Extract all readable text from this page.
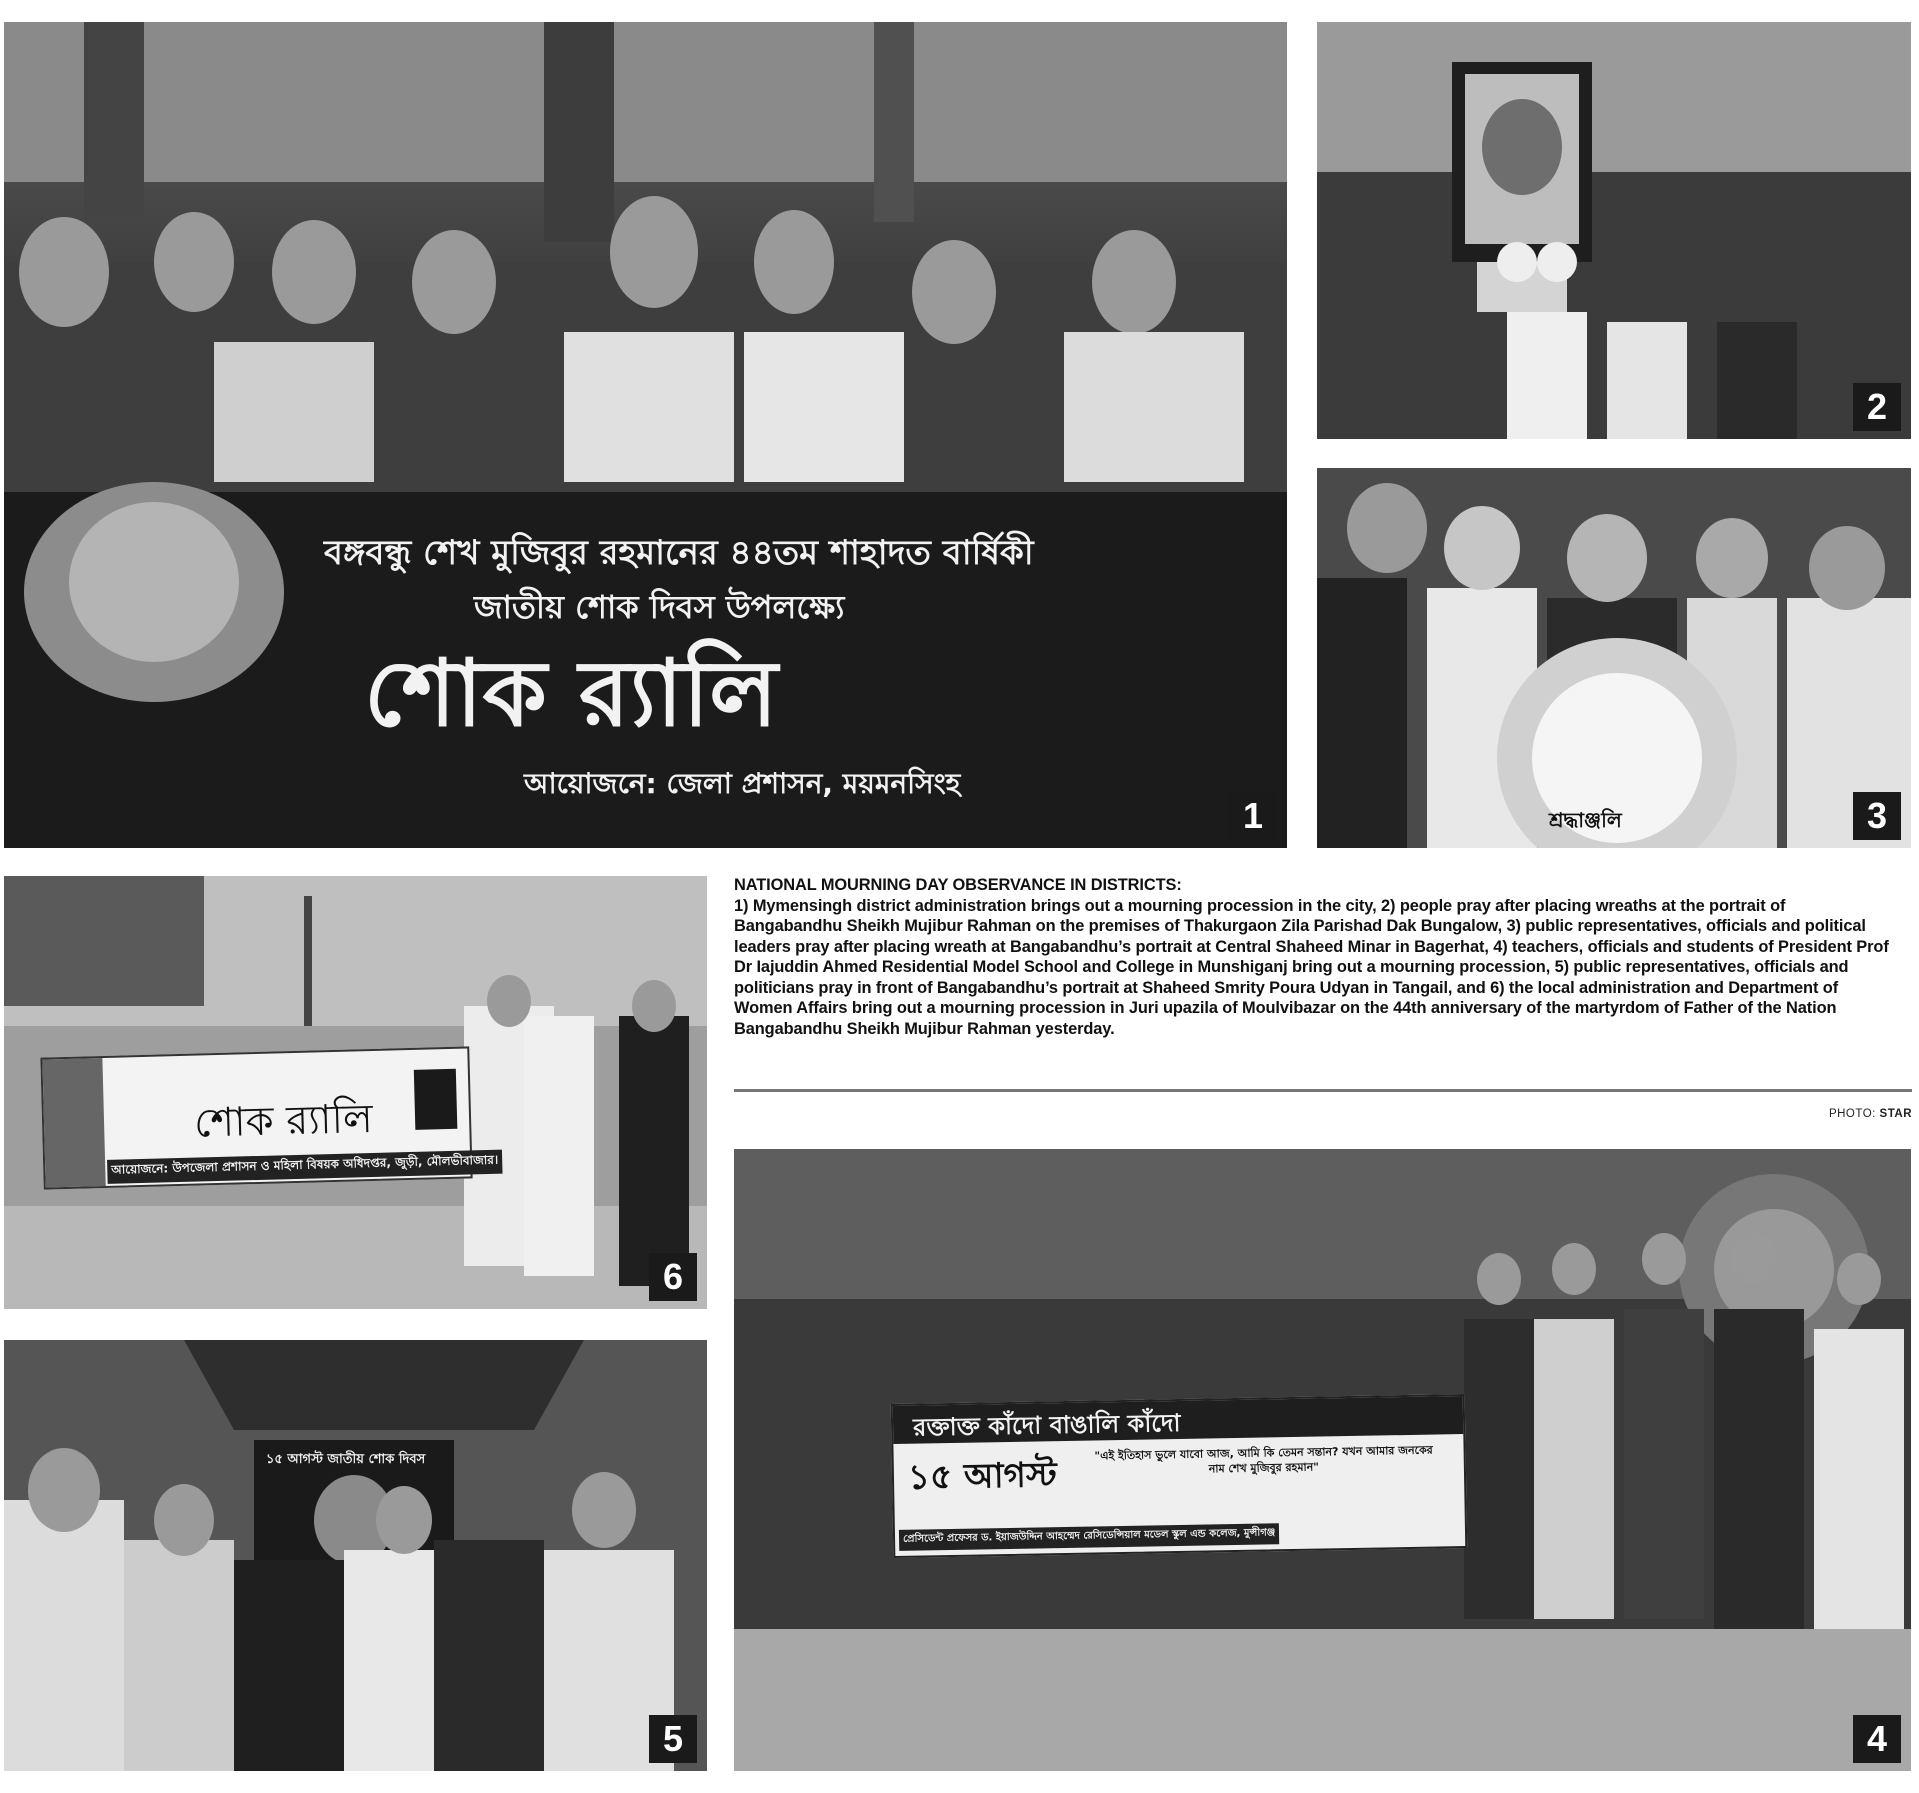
বঙ্গবন্ধু শেখ মুজিবুর রহমানের ৪৪তম শাহাদত বার্ষিকী
জাতীয় শোক দিবস উপলক্ষ্যে
শোক র‍্যালি
আয়োজনে: জেলা প্রশাসন, ময়মনসিংহ
1
2
শ্রদ্ধাঞ্জলি	3
শোক র‍্যালি
আয়োজনে: উপজেলা প্রশাসন ও মহিলা বিষয়ক অধিদপ্তর, জুড়ী, মৌলভীবাজার।
6
১৫ আগস্ট জাতীয় শোক দিবস
5
NATIONAL MOURNING DAY OBSERVANCE IN DISTRICTS:
1) Mymensingh district administration brings out a mourning procession in the city, 2) people pray after placing wreaths at the portrait of Bangabandhu Sheikh Mujibur Rahman on the premises of Thakurgaon Zila Parishad Dak Bungalow, 3) public representatives, officials and political leaders pray after placing wreath at Bangabandhu’s portrait at Central Shaheed Minar in Bagerhat, 4) teachers, officials and students of President Prof Dr Iajuddin Ahmed Residential Model School and College in Munshiganj bring out a mourning procession, 5) public representatives, officials and politicians pray in front of Bangabandhu’s portrait at Shaheed Smrity Poura Udyan in Tangail, and 6) the local administration and Department of Women Affairs bring out a mourning procession in Juri upazila of Moulvibazar on the 44th anniversary of the martyrdom of Father of the Nation Bangabandhu Sheikh Mujibur Rahman yesterday.
PHOTO: STAR
রক্তাক্ত কাঁদো বাঙালি কাঁদো
১৫ আগস্ট
"এই ইতিহাস ভুলে যাবো আজ, আমি কি তেমন সন্তান? যখন আমার জনকের নাম শেখ মুজিবুর রহমান"
প্রেসিডেন্ট প্রফেসর ড. ইয়াজউদ্দিন আহম্মেদ রেসিডেন্সিয়াল মডেল স্কুল এন্ড কলেজ, মুন্সীগঞ্জ
4
